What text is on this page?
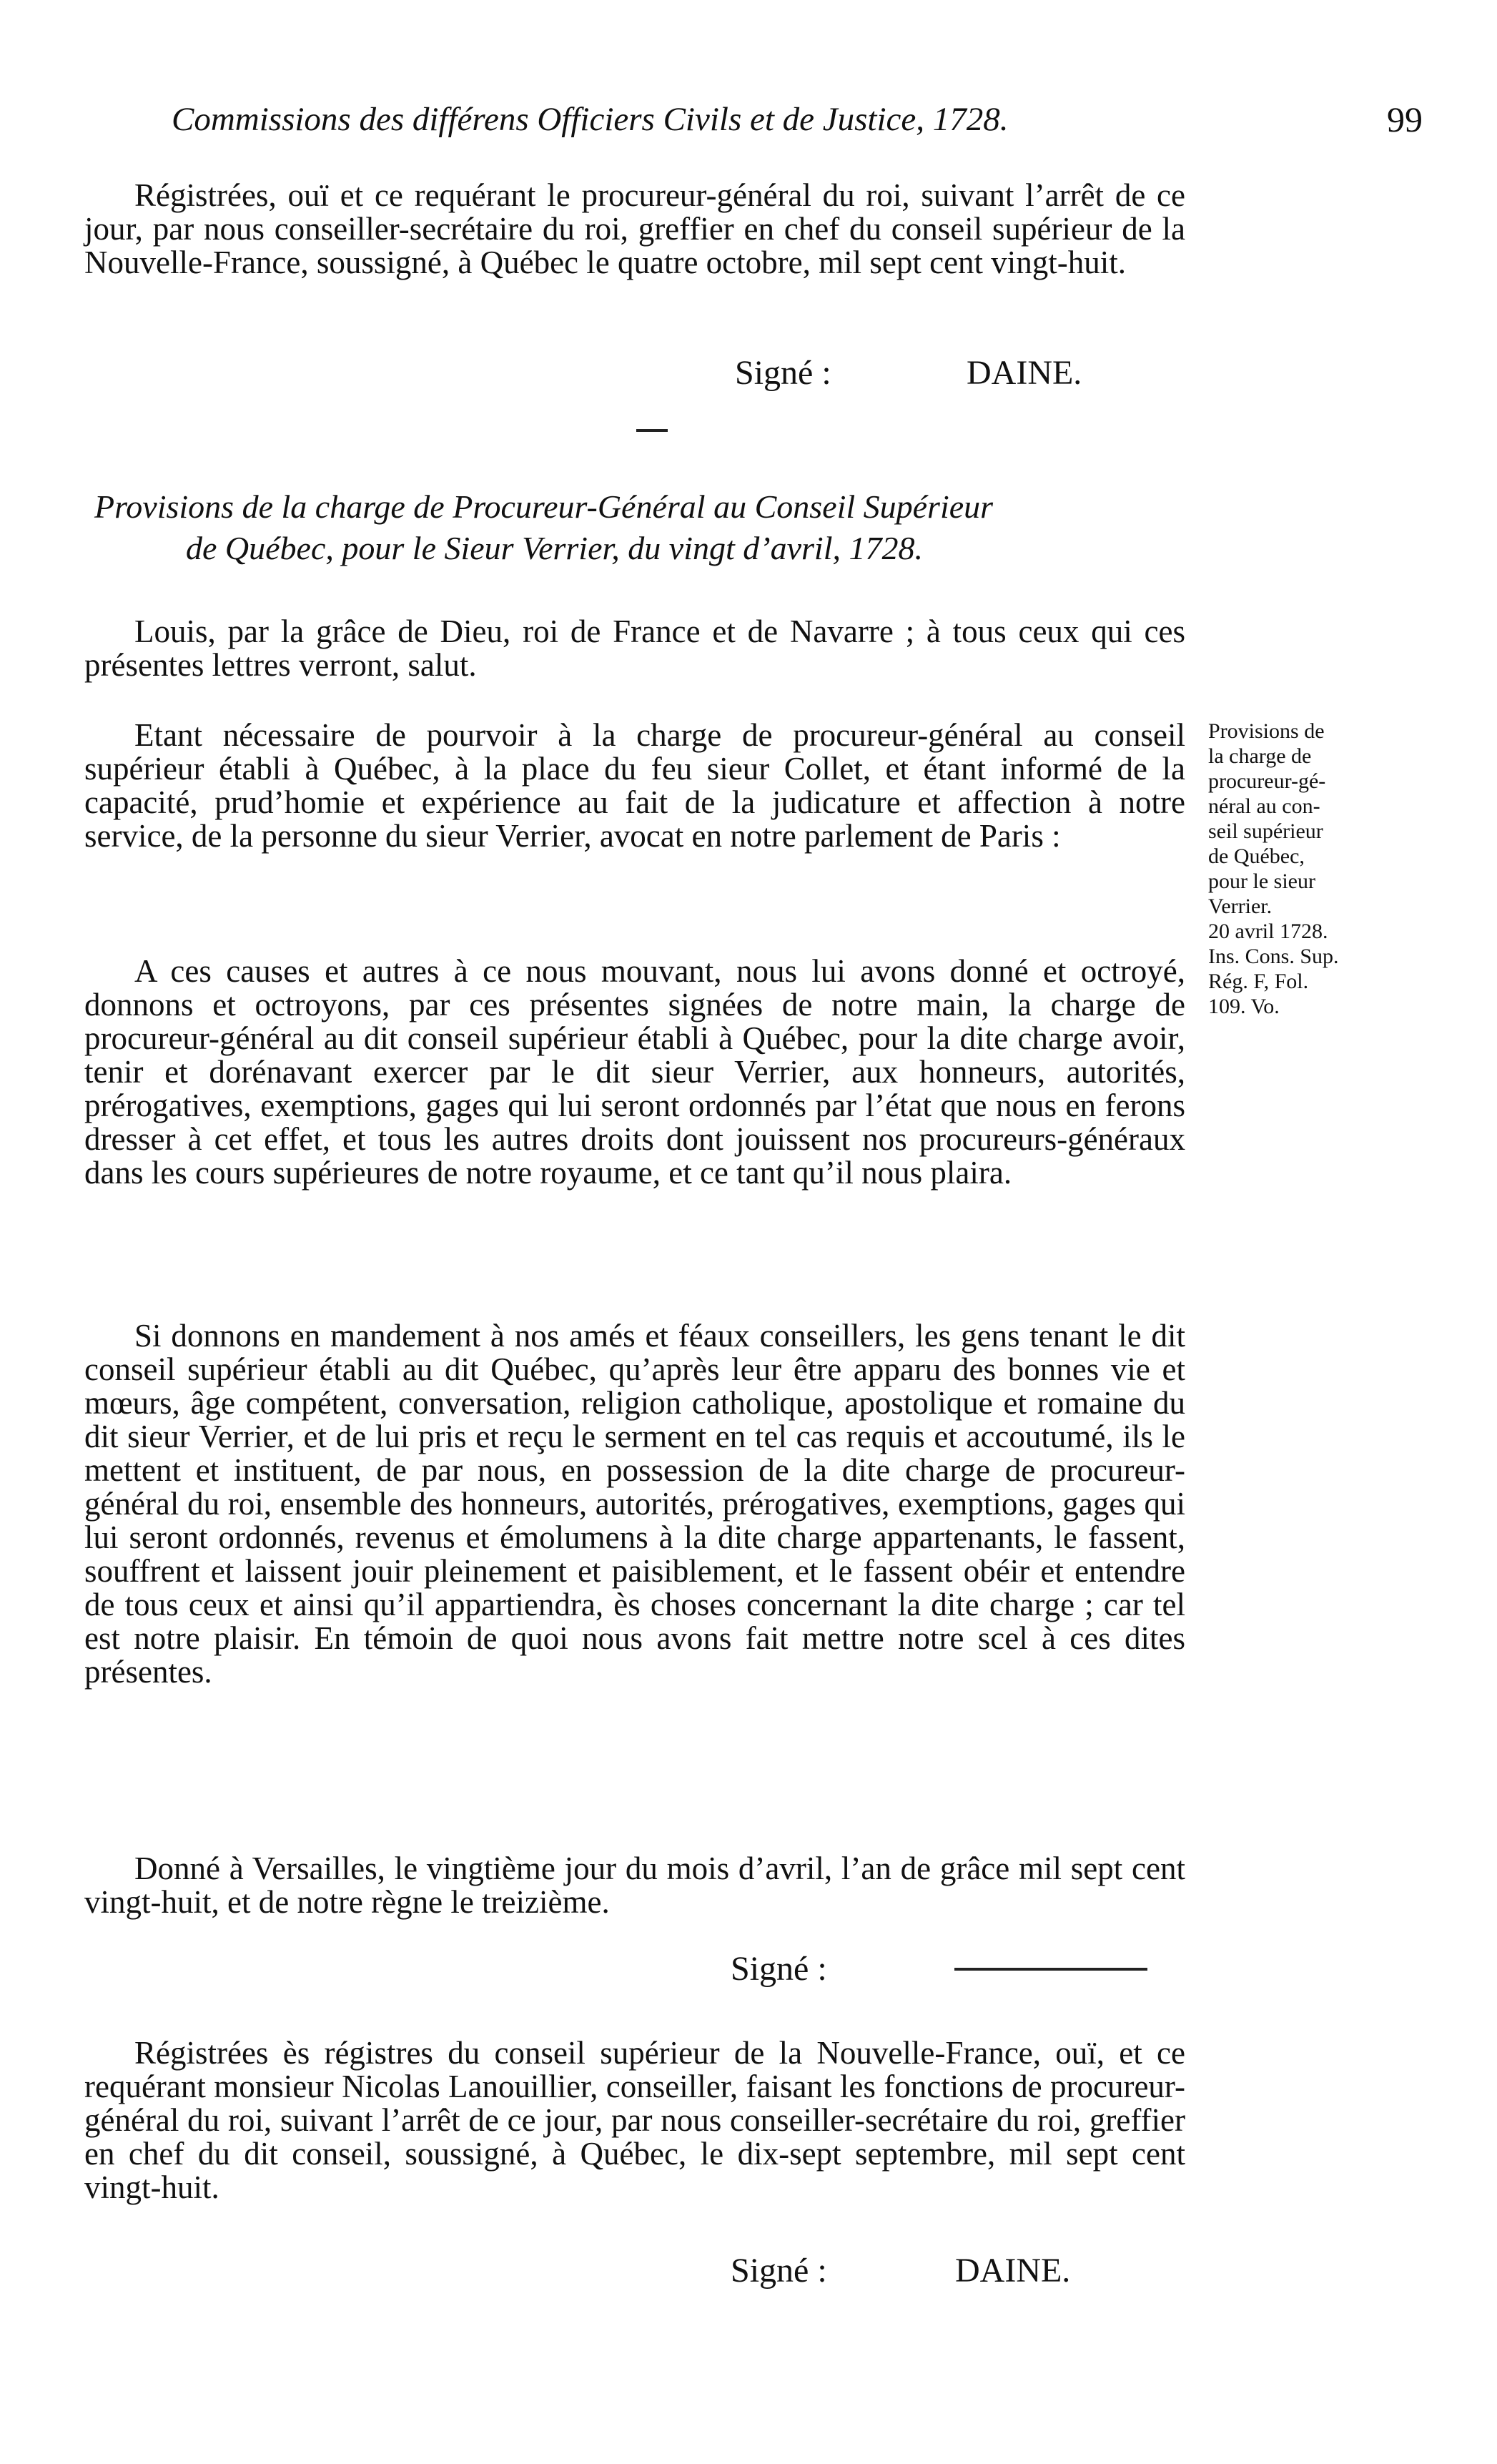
Commissions des différens Officiers Civils et de Justice, 1728.	99

Régistrées, ouï et ce requérant le procureur-général du roi, suivant l’arrêt de ce jour, par nous conseiller-secrétaire du roi, greffier en chef du conseil supérieur de la Nouvelle-France, soussigné, à Québec le quatre octobre, mil sept cent vingt-huit.

Signé :	DAINE.
Provisions de la charge de Procureur-Général au Conseil Supérieur
de Québec, pour le Sieur Verrier, du vingt d’avril, 1728.

Louis, par la grâce de Dieu, roi de France et de Navarre ; à tous ceux qui ces présentes lettres verront, salut.

Etant nécessaire de pourvoir à la charge de procureur-général au conseil supérieur établi à Québec, à la place du feu sieur Collet, et étant informé de la capacité, prud’homie et expérience au fait de la judicature et affection à notre service, de la personne du sieur Verrier, avocat en notre parlement de Paris :

Provisions de
la charge de
procureur-gé-
néral au con-
seil supérieur
de Québec,
pour le sieur
Verrier.
20 avril 1728.
Ins. Cons. Sup.
Rég. F, Fol.
109. Vo.

A ces causes et autres à ce nous mouvant, nous lui avons donné et octroyé, donnons et octroyons, par ces présentes signées de notre main, la charge de procureur-général au dit conseil supérieur établi à Québec, pour la dite charge avoir, tenir et dorénavant exercer par le dit sieur Verrier, aux honneurs, autorités, prérogatives, exemptions, gages qui lui seront ordonnés par l’état que nous en ferons dresser à cet effet, et tous les autres droits dont jouissent nos procureurs-généraux dans les cours supérieures de notre royaume, et ce tant qu’il nous plaira.

Si donnons en mandement à nos amés et féaux conseillers, les gens tenant le dit conseil supérieur établi au dit Québec, qu’après leur être apparu des bonnes vie et mœurs, âge compétent, conversation, religion catholique, apostolique et romaine du dit sieur Verrier, et de lui pris et reçu le serment en tel cas requis et accoutumé, ils le mettent et instituent, de par nous, en possession de la dite charge de procureur-général du roi, ensemble des honneurs, autorités, prérogatives, exemptions, gages qui lui seront ordonnés, revenus et émolumens à la dite charge appartenants, le fassent, souffrent et laissent jouir pleinement et paisiblement, et le fassent obéir et entendre de tous ceux et ainsi qu’il appartiendra, ès choses concernant la dite charge ; car tel est notre plaisir. En témoin de quoi nous avons fait mettre notre scel à ces dites présentes.

Donné à Versailles, le vingtième jour du mois d’avril, l’an de grâce mil sept cent vingt-huit, et de notre règne le treizième.

Signé :

Régistrées ès régistres du conseil supérieur de la Nouvelle-France, ouï, et ce requérant monsieur Nicolas Lanouillier, conseiller, faisant les fonctions de procureur-général du roi, suivant l’arrêt de ce jour, par nous conseiller-secrétaire du roi, greffier en chef du dit conseil, soussigné, à Québec, le dix-sept septembre, mil sept cent vingt-huit.

Signé :	DAINE.
